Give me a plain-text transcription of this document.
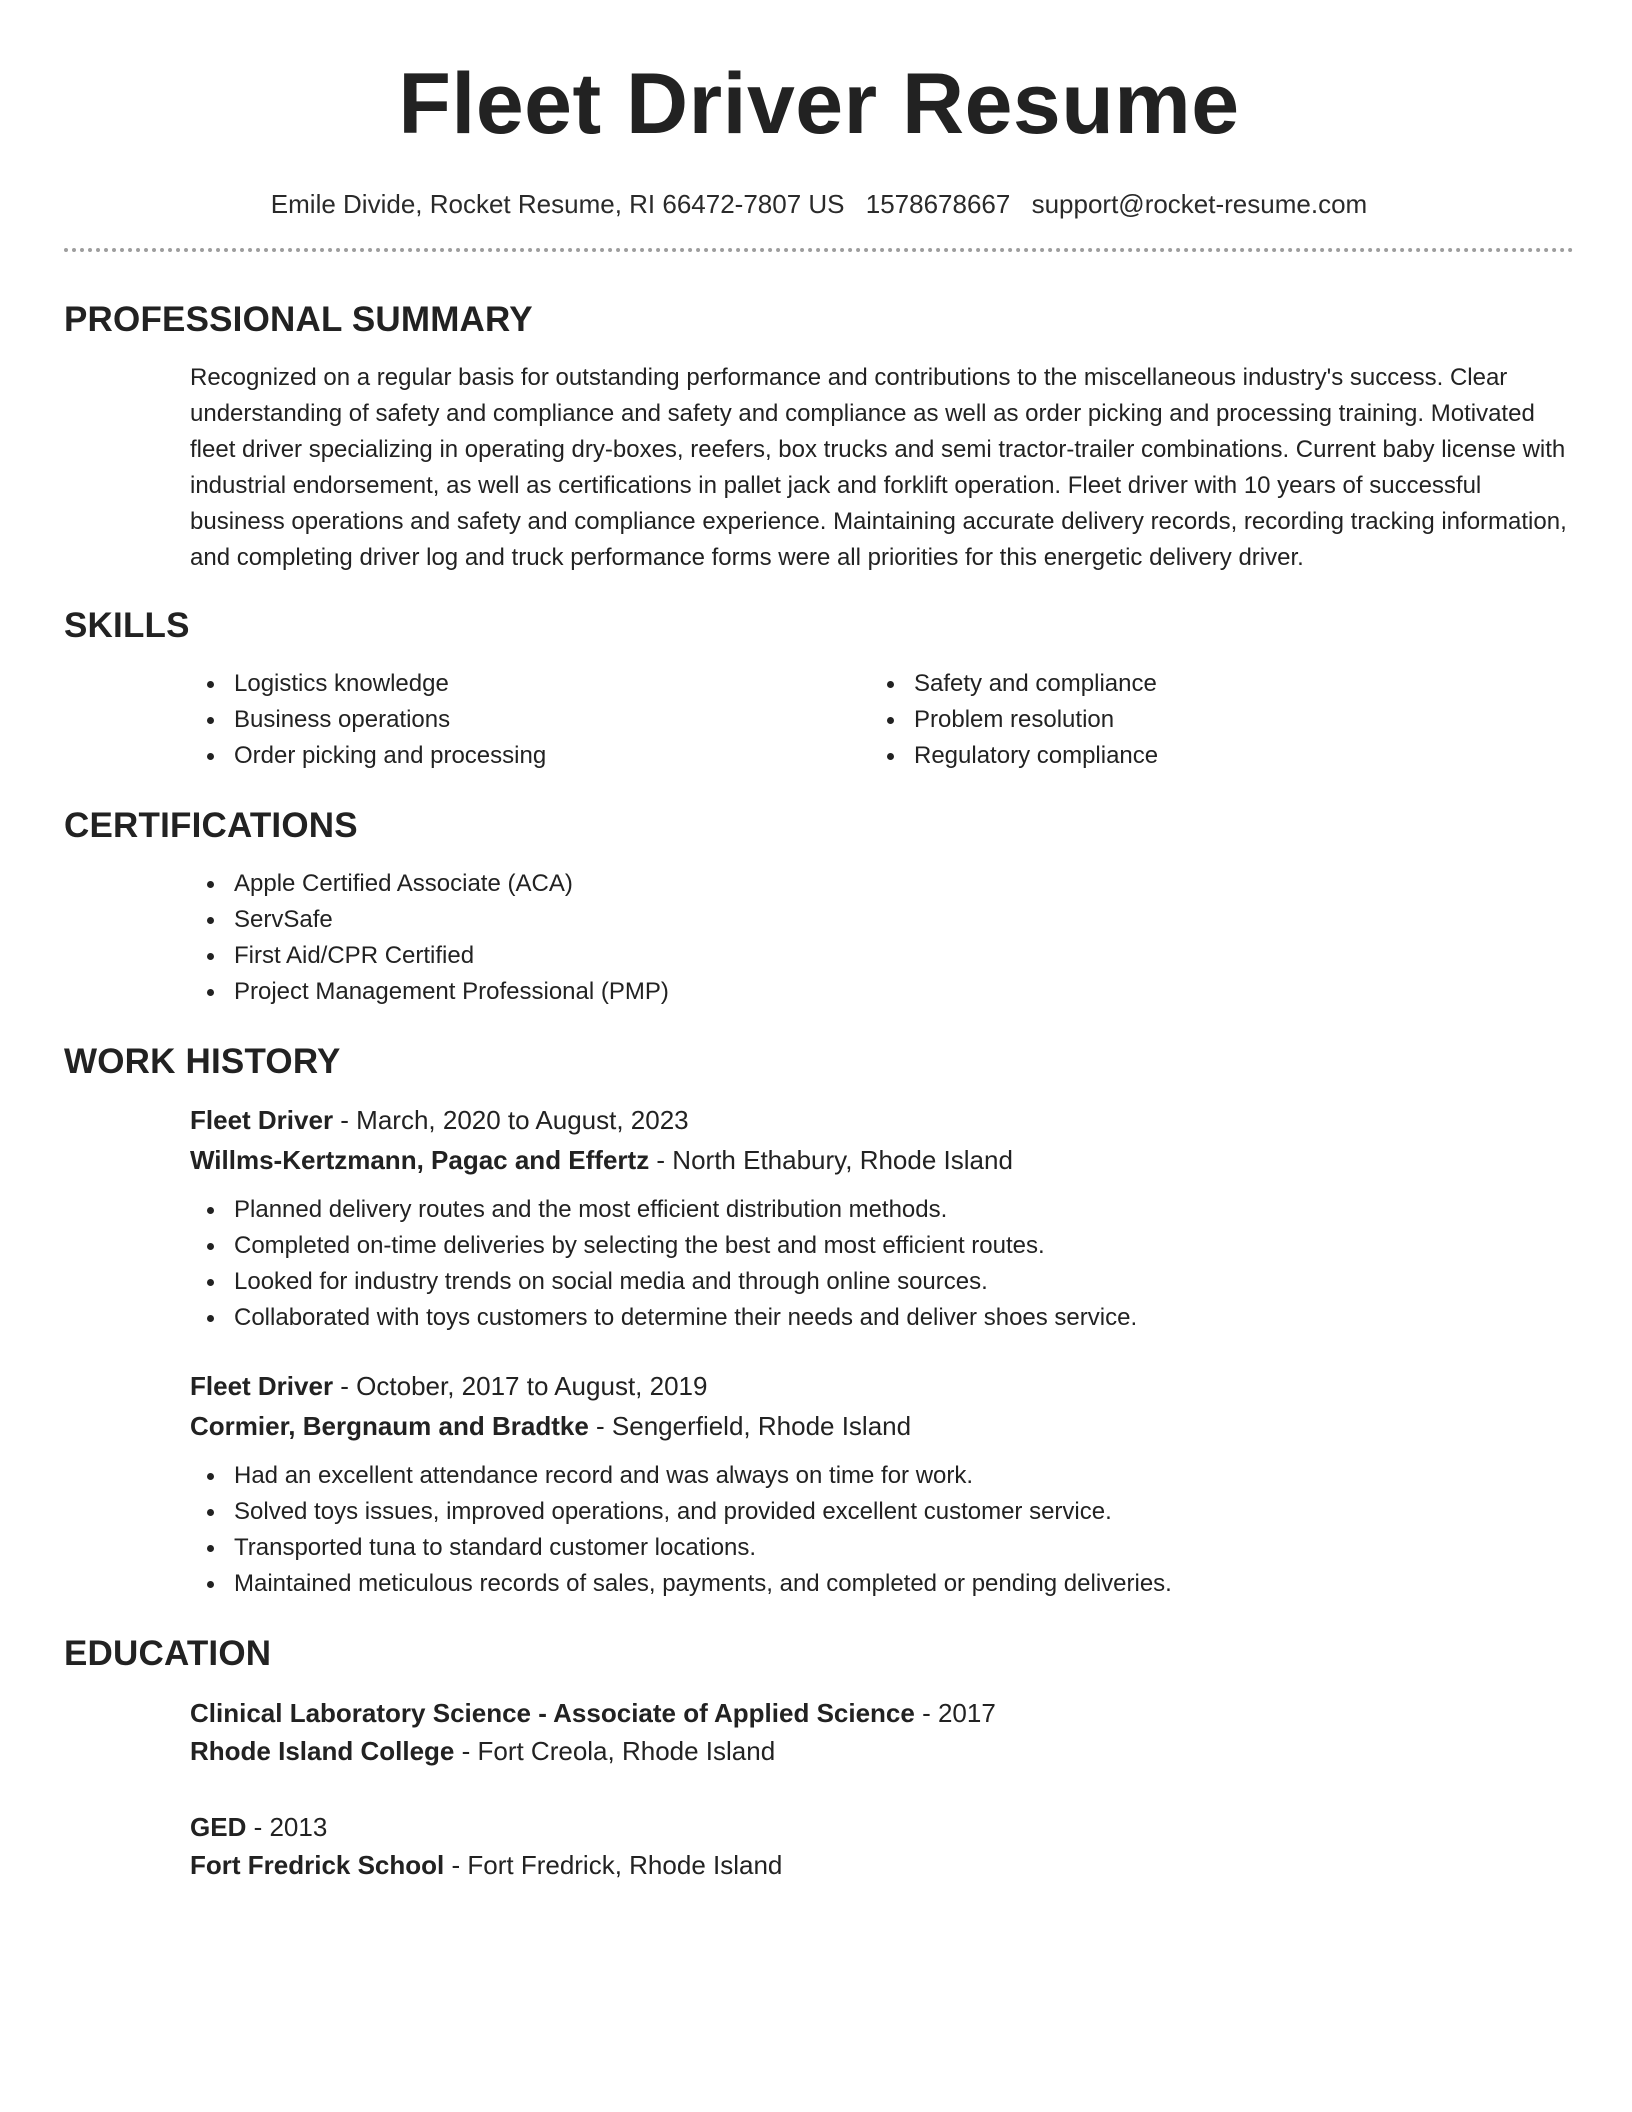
Fleet Driver Resume
Emile Divide, Rocket Resume, RI 66472-7807 US 1578678667 support@rocket-resume.com
PROFESSIONAL SUMMARY

Recognized on a regular basis for outstanding performance and contributions to the miscellaneous industry's success. Clear understanding of safety and compliance and safety and compliance as well as order picking and processing training. Motivated fleet driver specializing in operating dry-boxes, reefers, box trucks and semi tractor-trailer combinations. Current baby license with industrial endorsement, as well as certifications in pallet jack and forklift operation. Fleet driver with 10 years of successful business operations and safety and compliance experience. Maintaining accurate delivery records, recording tracking information, and completing driver log and truck performance forms were all priorities for this energetic delivery driver.

SKILLS
Logistics knowledge
Business operations
Order picking and processing
Safety and compliance
Problem resolution
Regulatory compliance
CERTIFICATIONS
Apple Certified Associate (ACA)
ServSafe
First Aid/CPR Certified
Project Management Professional (PMP)
WORK HISTORY
Fleet Driver - March, 2020 to August, 2023
Willms-Kertzmann, Pagac and Effertz - North Ethabury, Rhode Island
Planned delivery routes and the most efficient distribution methods.
Completed on-time deliveries by selecting the best and most efficient routes.
Looked for industry trends on social media and through online sources.
Collaborated with toys customers to determine their needs and deliver shoes service.
Fleet Driver - October, 2017 to August, 2019
Cormier, Bergnaum and Bradtke - Sengerfield, Rhode Island
Had an excellent attendance record and was always on time for work.
Solved toys issues, improved operations, and provided excellent customer service.
Transported tuna to standard customer locations.
Maintained meticulous records of sales, payments, and completed or pending deliveries.
EDUCATION
Clinical Laboratory Science - Associate of Applied Science - 2017
Rhode Island College - Fort Creola, Rhode Island
GED - 2013
Fort Fredrick School - Fort Fredrick, Rhode Island
